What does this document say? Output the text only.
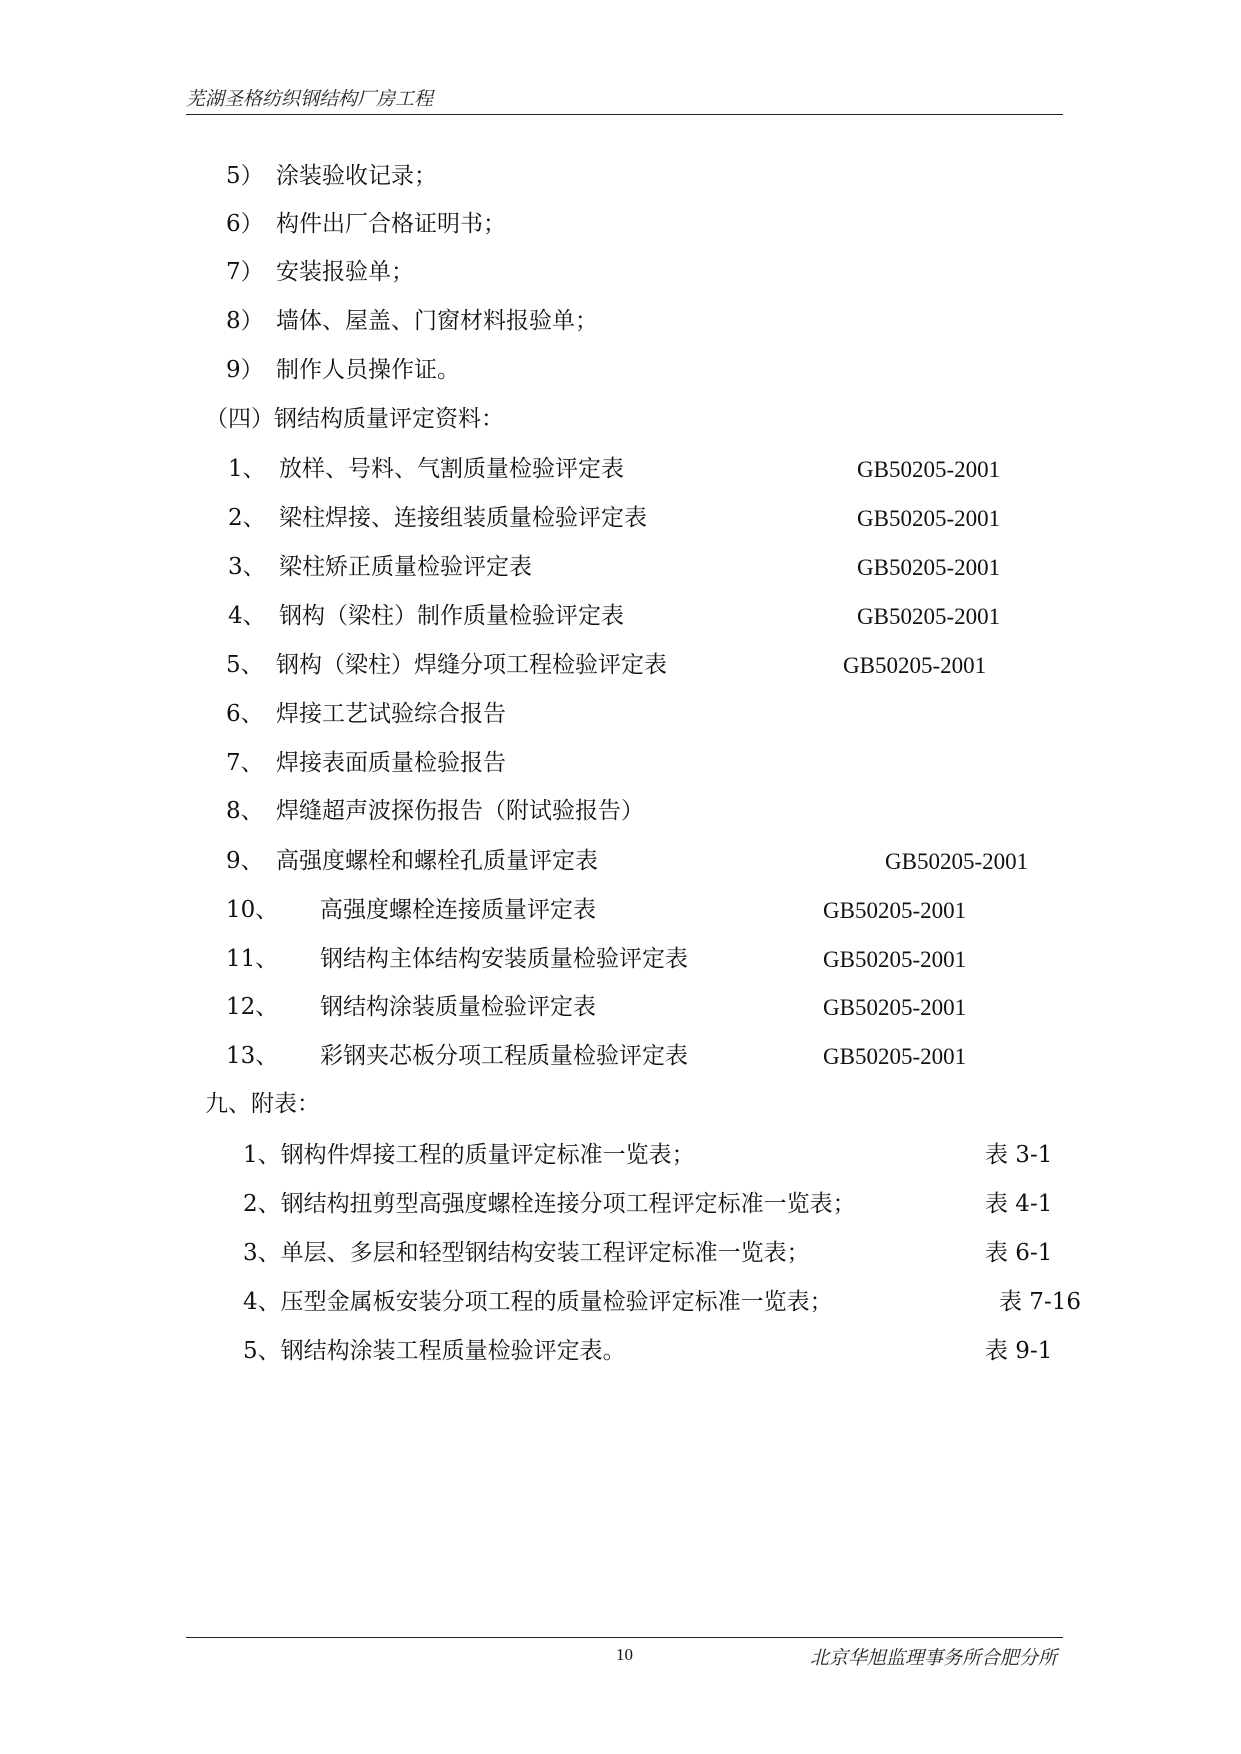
芜湖圣格纺织钢结构厂房工程
5） 涂装验收记录；
6） 构件出厂合格证明书；
7） 安装报验单；
8） 墙体、屋盖、门窗材料报验单；
9） 制作人员操作证。
（四）钢结构质量评定资料：
1、 放样、号料、气割质量检验评定表	GB50205-2001
2、 梁柱焊接、连接组装质量检验评定表	GB50205-2001
3、 梁柱矫正质量检验评定表	GB50205-2001
4、 钢构（梁柱）制作质量检验评定表	GB50205-2001
5、 钢构（梁柱）焊缝分项工程检验评定表	GB50205-2001
6、 焊接工艺试验综合报告
7、 焊接表面质量检验报告
8、 焊缝超声波探伤报告（附试验报告）
9、 高强度螺栓和螺栓孔质量评定表	GB50205-2001
10、 高强度螺栓连接质量评定表	GB50205-2001
11、 钢结构主体结构安装质量检验评定表	GB50205-2001
12、 钢结构涂装质量检验评定表	GB50205-2001
13、 彩钢夹芯板分项工程质量检验评定表	GB50205-2001
九、附表：
1、钢构件焊接工程的质量评定标准一览表；	表 3-1
2、钢结构扭剪型高强度螺栓连接分项工程评定标准一览表；	表 4-1
3、单层、多层和轻型钢结构安装工程评定标准一览表；	表 6-1
4、压型金属板安装分项工程的质量检验评定标准一览表；	表 7-16
5、钢结构涂装工程质量检验评定表。	表 9-1
10	北京华旭监理事务所合肥分所
